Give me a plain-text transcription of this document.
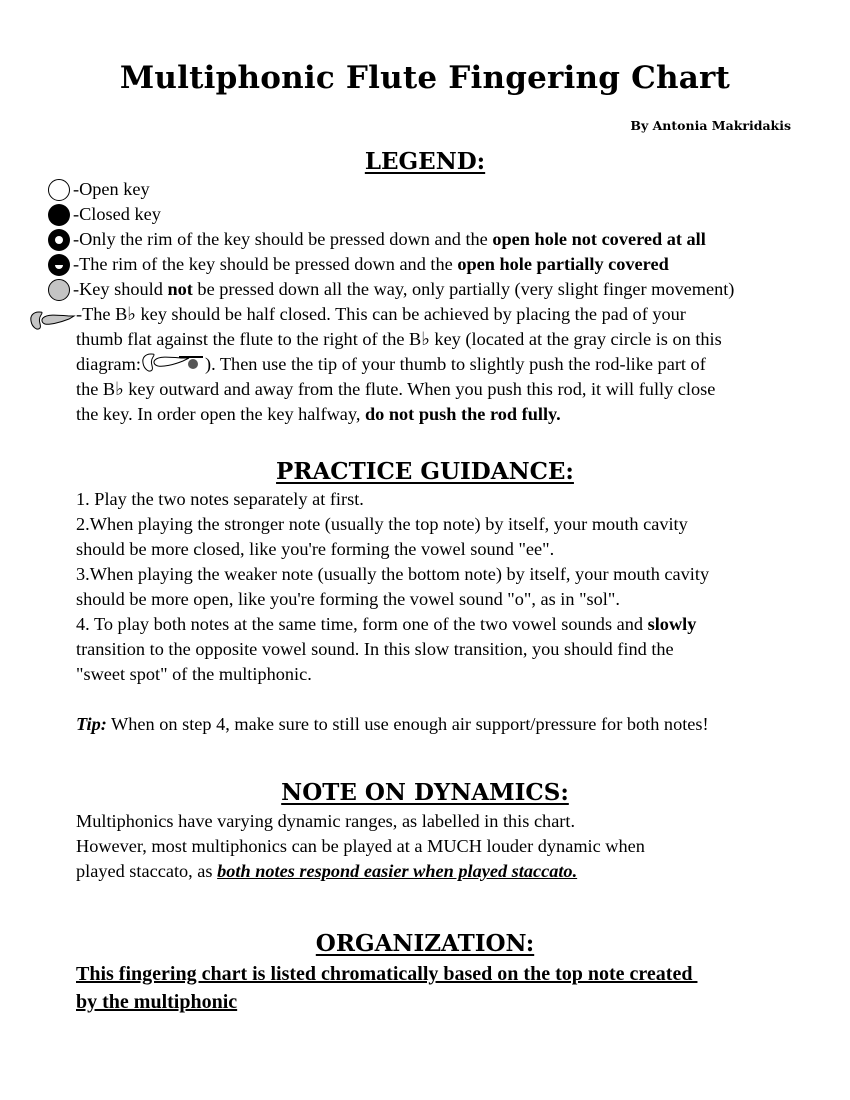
Multiphonic Flute Fingering Chart
By Antonia Makridakis
LEGEND:
-Open key
-Closed key
-Only the rim of the key should be pressed down and the open hole not covered at all
-The rim of the key should be pressed down and the open hole partially covered
-Key should not be pressed down all the way, only partially (very slight finger movement)
-The B♭ key should be half closed. This can be achieved by placing the pad of your
thumb flat against the flute to the right of the B♭ key (located at the gray circle is on this
diagram:	). Then use the tip of your thumb to slightly push the rod-like part of
the B♭ key outward and away from the flute. When you push this rod, it will fully close
the key. In order open the key halfway, do not push the rod fully.
PRACTICE GUIDANCE:
1. Play the two notes separately at first.
2.When playing the stronger note (usually the top note) by itself, your mouth cavity
should be more closed, like you're forming the vowel sound "ee".
3.When playing the weaker note (usually the bottom note) by itself, your mouth cavity
should be more open, like you're forming the vowel sound "o", as in "sol".
4. To play both notes at the same time, form one of the two vowel sounds and slowly
transition to the opposite vowel sound. In this slow transition, you should find the
"sweet spot" of the multiphonic.
Tip: When on step 4, make sure to still use enough air support/pressure for both notes!
NOTE ON DYNAMICS:
Multiphonics have varying dynamic ranges, as labelled in this chart.
However, most multiphonics can be played at a MUCH louder dynamic when
played staccato, as both notes respond easier when played staccato.
ORGANIZATION:
This fingering chart is listed chromatically based on the top note created
by the multiphonic
